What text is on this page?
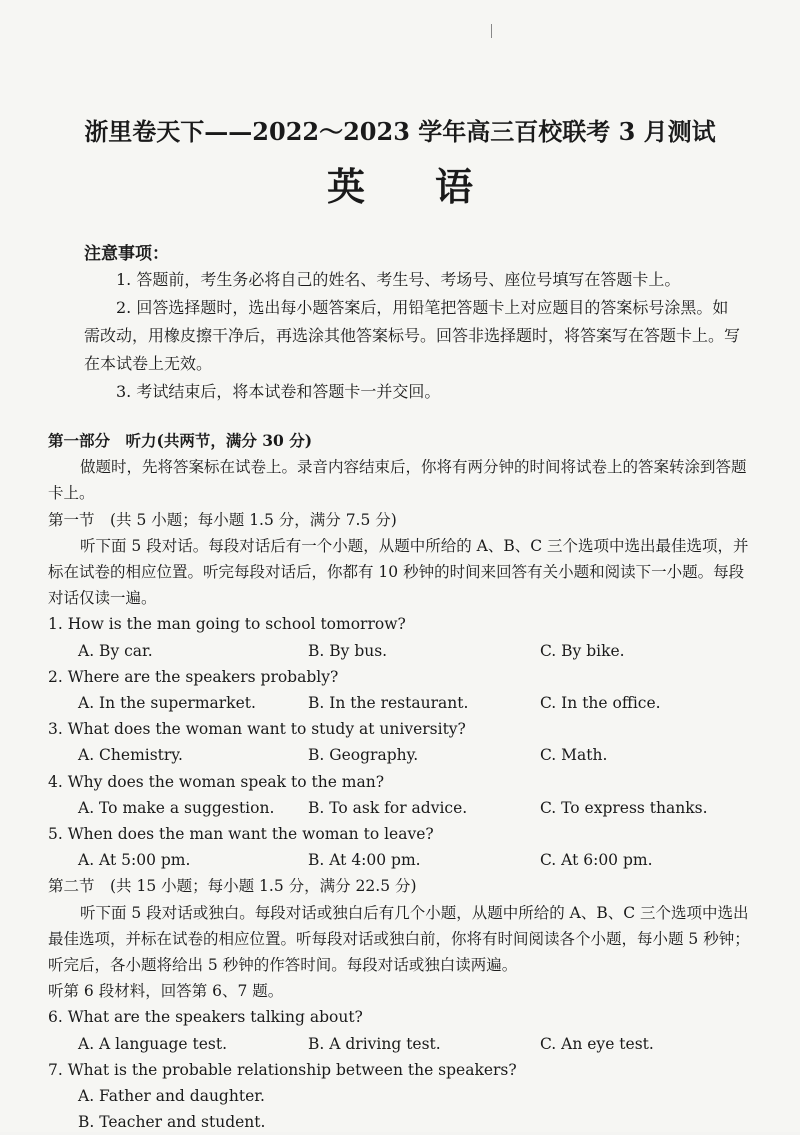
浙里卷天下——2022～2023 学年高三百校联考 3 月测试
英语
注意事项：

1. 答题前，考生务必将自己的姓名、考生号、考场号、座位号填写在答题卡上。

2. 回答选择题时，选出每小题答案后，用铅笔把答题卡上对应题目的答案标号涂黑。如需改动，用橡皮擦干净后，再选涂其他答案标号。回答非选择题时，将答案写在答题卡上。写在本试卷上无效。

3. 考试结束后，将本试卷和答题卡一并交回。

第一部分　听力(共两节，满分 30 分)

做题时，先将答案标在试卷上。录音内容结束后，你将有两分钟的时间将试卷上的答案转涂到答题卡上。

第一节　(共 5 小题；每小题 1.5 分，满分 7.5 分)

听下面 5 段对话。每段对话后有一个小题，从题中所给的 A、B、C 三个选项中选出最佳选项，并标在试卷的相应位置。听完每段对话后，你都有 10 秒钟的时间来回答有关小题和阅读下一小题。每段对话仅读一遍。

1. How is the man going to school tomorrow?

A. By car.	B. By bus.	C. By bike.

2. Where are the speakers probably?

A. In the supermarket.	B. In the restaurant.	C. In the office.

3. What does the woman want to study at university?

A. Chemistry.	B. Geography.	C. Math.

4. Why does the woman speak to the man?

A. To make a suggestion.	B. To ask for advice.	C. To express thanks.

5. When does the man want the woman to leave?

A. At 5:00 pm.	B. At 4:00 pm.	C. At 6:00 pm.

第二节　(共 15 小题；每小题 1.5 分，满分 22.5 分)

听下面 5 段对话或独白。每段对话或独白后有几个小题，从题中所给的 A、B、C 三个选项中选出最佳选项，并标在试卷的相应位置。听每段对话或独白前，你将有时间阅读各个小题，每小题 5 秒钟；听完后，各小题将给出 5 秒钟的作答时间。每段对话或独白读两遍。

听第 6 段材料，回答第 6、7 题。

6. What are the speakers talking about?

A. A language test.	B. A driving test.	C. An eye test.

7. What is the probable relationship between the speakers?

A. Father and daughter.

B. Teacher and student.
